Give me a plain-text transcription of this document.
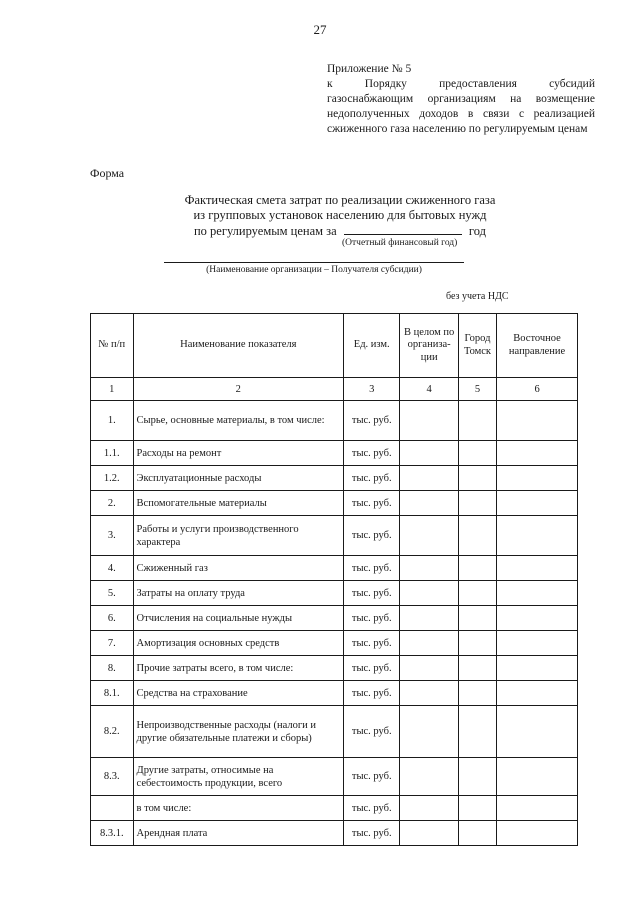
27
Приложение № 5
к Порядку предоставления субсидий газоснабжающим организациям на возмещение недополученных доходов в связи с реализацией сжиженного газа населению по регулируемым ценам
Форма
Фактическая смета затрат по реализации сжиженного газа
из групповых установок населению для бытовых нужд
по регулируемым ценам за	год
(Отчетный финансовый год)
(Наименование организации – Получателя субсидии)
без учета НДС
№ п/п	Наименование показателя	Ед. изм.	В целом по организа-ции	Город Томск	Восточное направление
1	2	3	4	5	6
1.	Сырье, основные материалы, в том числе:	тыс. руб.			
1.1.	Расходы на ремонт	тыс. руб.			
1.2.	Эксплуатационные расходы	тыс. руб.			
2.	Вспомогательные материалы	тыс. руб.			
3.	Работы и услуги производственного характера	тыс. руб.			
4.	Сжиженный газ	тыс. руб.			
5.	Затраты на оплату труда	тыс. руб.			
6.	Отчисления на социальные нужды	тыс. руб.			
7.	Амортизация основных средств	тыс. руб.			
8.	Прочие затраты всего, в том числе:	тыс. руб.			
8.1.	Средства на страхование	тыс. руб.			
8.2.	Непроизводственные расходы (налоги и другие обязательные платежи и сборы)	тыс. руб.			
8.3.	Другие затраты, относимые на себестоимость продукции, всего	тыс. руб.			
	в том числе:	тыс. руб.			
8.3.1.	Арендная плата	тыс. руб.			
